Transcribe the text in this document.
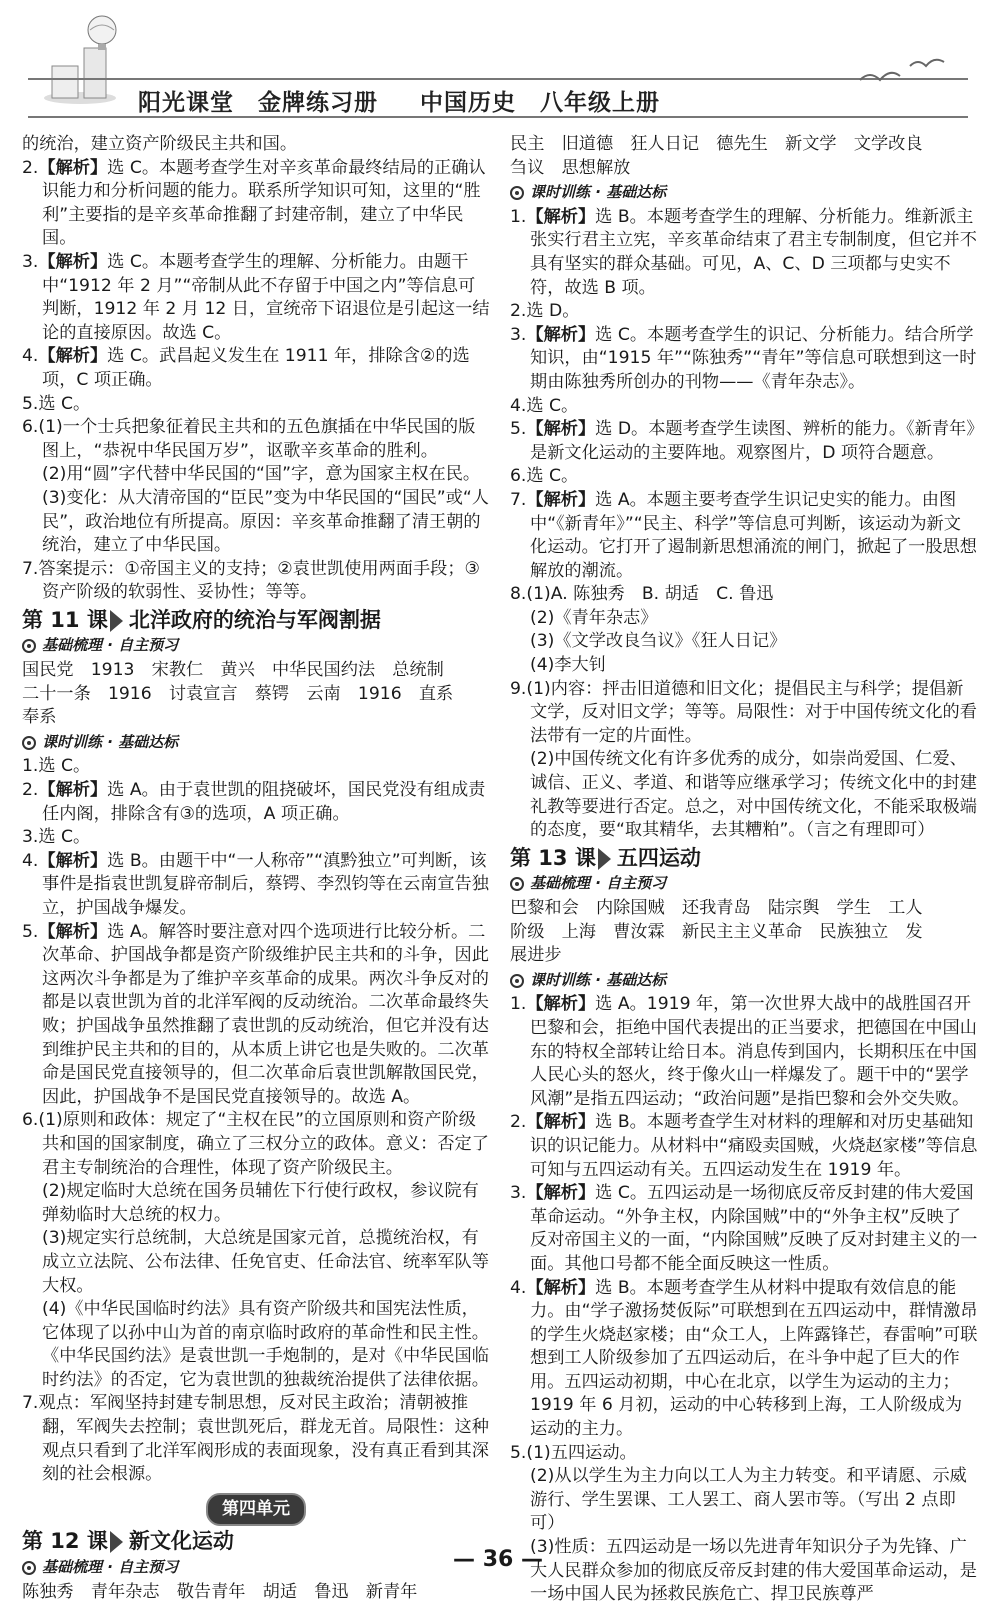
阳光课堂　金牌练习册 中国历史　八年级上册
的统治，建立资产阶级民主共和国。
2.【解析】选 C。本题考查学生对辛亥革命最终结局的正确认识能力和分析问题的能力。联系所学知识可知，这里的“胜利”主要指的是辛亥革命推翻了封建帝制，建立了中华民国。
3.【解析】选 C。本题考查学生的理解、分析能力。由题干中“1912 年 2 月”“帝制从此不存留于中国之内”等信息可判断，1912 年 2 月 12 日，宣统帝下诏退位是引起这一结论的直接原因。故选 C。
4.【解析】选 C。武昌起义发生在 1911 年，排除含②的选项，C 项正确。
5.选 C。
6.(1)一个士兵把象征着民主共和的五色旗插在中华民国的版图上，“恭祝中华民国万岁”，讴歌辛亥革命的胜利。
(2)用“圆”字代替中华民国的“国”字，意为国家主权在民。
(3)变化：从大清帝国的“臣民”变为中华民国的“国民”或“人民”，政治地位有所提高。原因：辛亥革命推翻了清王朝的统治，建立了中华民国。
7.答案提示：①帝国主义的支持；②袁世凯使用两面手段；③资产阶级的软弱性、妥协性；等等。
第 11 课 北洋政府的统治与军阀割据
基础梳理 · 自主预习
国民党　1913　宋教仁　黄兴　中华民国约法　总统制
二十一条　1916　讨袁宣言　蔡锷　云南　1916　直系
奉系
课时训练 · 基础达标
1.选 C。
2.【解析】选 A。由于袁世凯的阻挠破坏，国民党没有组成责任内阁，排除含有③的选项，A 项正确。
3.选 C。
4.【解析】选 B。由题干中“一人称帝”“滇黔独立”可判断，该事件是指袁世凯复辟帝制后，蔡锷、李烈钧等在云南宣告独立，护国战争爆发。
5.【解析】选 A。解答时要注意对四个选项进行比较分析。二次革命、护国战争都是资产阶级维护民主共和的斗争，因此这两次斗争都是为了维护辛亥革命的成果。两次斗争反对的都是以袁世凯为首的北洋军阀的反动统治。二次革命最终失败；护国战争虽然推翻了袁世凯的反动统治，但它并没有达到维护民主共和的目的，从本质上讲它也是失败的。二次革命是国民党直接领导的，但二次革命后袁世凯解散国民党，因此，护国战争不是国民党直接领导的。故选 A。
6.(1)原则和政体：规定了“主权在民”的立国原则和资产阶级共和国的国家制度，确立了三权分立的政体。意义：否定了君主专制统治的合理性，体现了资产阶级民主。
(2)规定临时大总统在国务员辅佐下行使行政权，参议院有弹劾临时大总统的权力。
(3)规定实行总统制，大总统是国家元首，总揽统治权，有成立立法院、公布法律、任免官吏、任命法官、统率军队等大权。
(4)《中华民国临时约法》具有资产阶级共和国宪法性质，它体现了以孙中山为首的南京临时政府的革命性和民主性。《中华民国约法》是袁世凯一手炮制的，是对《中华民国临时约法》的否定，它为袁世凯的独裁统治提供了法律依据。
7.观点：军阀坚持封建专制思想，反对民主政治；清朝被推翻，军阀失去控制；袁世凯死后，群龙无首。局限性：这种观点只看到了北洋军阀形成的表面现象，没有真正看到其深刻的社会根源。
第四单元
第 12 课 新文化运动
基础梳理 · 自主预习
陈独秀　青年杂志　敬告青年　胡适　鲁迅　新青年
民主　旧道德　狂人日记　德先生　新文学　文学改良
刍议　思想解放
课时训练 · 基础达标
1.【解析】选 B。本题考查学生的理解、分析能力。维新派主张实行君主立宪，辛亥革命结束了君主专制制度，但它并不具有坚实的群众基础。可见，A、C、D 三项都与史实不符，故选 B 项。
2.选 D。
3.【解析】选 C。本题考查学生的识记、分析能力。结合所学知识，由“1915 年”“陈独秀”“青年”等信息可联想到这一时期由陈独秀所创办的刊物——《青年杂志》。
4.选 C。
5.【解析】选 D。本题考查学生读图、辨析的能力。《新青年》是新文化运动的主要阵地。观察图片，D 项符合题意。
6.选 C。
7.【解析】选 A。本题主要考查学生识记史实的能力。由图中“《新青年》”“民主、科学”等信息可判断，该运动为新文化运动。它打开了遏制新思想涌流的闸门，掀起了一股思想解放的潮流。
8.(1)A. 陈独秀　B. 胡适　C. 鲁迅
(2)《青年杂志》
(3)《文学改良刍议》《狂人日记》
(4)李大钊
9.(1)内容：抨击旧道德和旧文化；提倡民主与科学；提倡新文学，反对旧文学；等等。局限性：对于中国传统文化的看法带有一定的片面性。
(2)中国传统文化有许多优秀的成分，如崇尚爱国、仁爱、诚信、正义、孝道、和谐等应继承学习；传统文化中的封建礼教等要进行否定。总之，对中国传统文化，不能采取极端的态度，要“取其精华，去其糟粕”。（言之有理即可）
第 13 课 五四运动
基础梳理 · 自主预习
巴黎和会　内除国贼　还我青岛　陆宗舆　学生　工人
阶级　上海　曹汝霖　新民主主义革命　民族独立　发
展进步
课时训练 · 基础达标
1.【解析】选 A。1919 年，第一次世界大战中的战胜国召开巴黎和会，拒绝中国代表提出的正当要求，把德国在中国山东的特权全部转让给日本。消息传到国内，长期积压在中国人民心头的怒火，终于像火山一样爆发了。题干中的“罢学风潮”是指五四运动；“政治问题”是指巴黎和会外交失败。
2.【解析】选 B。本题考查学生对材料的理解和对历史基础知识的识记能力。从材料中“痛殴卖国贼，火烧赵家楼”等信息可知与五四运动有关。五四运动发生在 1919 年。
3.【解析】选 C。五四运动是一场彻底反帝反封建的伟大爱国革命运动。“外争主权，内除国贼”中的“外争主权”反映了反对帝国主义的一面，“内除国贼”反映了反对封建主义的一面。其他口号都不能全面反映这一性质。
4.【解析】选 B。本题考查学生从材料中提取有效信息的能力。由“学子激扬焚仮际”可联想到在五四运动中，群情激昂的学生火烧赵家楼；由“众工人，上阵露锋芒，春雷响”可联想到工人阶级参加了五四运动后，在斗争中起了巨大的作用。五四运动初期，中心在北京，以学生为运动的主力；1919 年 6 月初，运动的中心转移到上海，工人阶级成为运动的主力。
5.(1)五四运动。
(2)从以学生为主力向以工人为主力转变。和平请愿、示威游行、学生罢课、工人罢工、商人罢市等。（写出 2 点即可）
(3)性质：五四运动是一场以先进青年知识分子为先锋、广大人民群众参加的彻底反帝反封建的伟大爱国革命运动，是一场中国人民为拯救民族危亡、捍卫民族尊严
— 36 —
